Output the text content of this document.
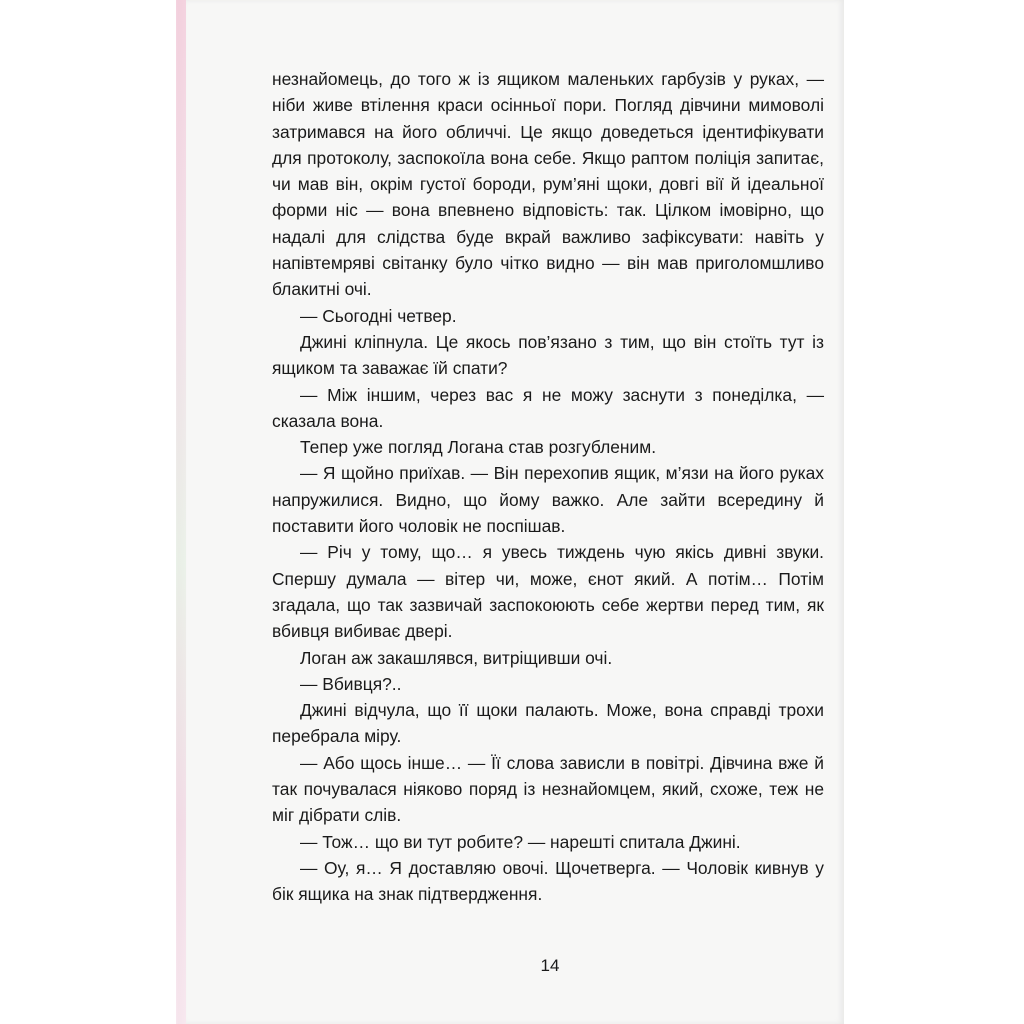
незнайомець, до того ж із ящиком маленьких гарбузів у руках, — ніби живе втілення краси осінньої пори. Погляд дівчини мимоволі затримався на його обличчі. Це якщо доведеться ідентифікувати для протоколу, заспокоїла вона себе. Якщо раптом поліція запитає, чи мав він, окрім густої бороди, рум’яні щоки, довгі вії й ідеальної форми ніс — вона впевнено відповість: так. Цілком імовірно, що надалі для слідства буде вкрай важливо зафіксувати: навіть у напівтемряві світанку було чітко видно — він мав приголомшливо блакитні очі.

— Сьогодні четвер.

Джині кліпнула. Це якось пов’язано з тим, що він стоїть тут із ящиком та заважає їй спати?

— Між іншим, через вас я не можу заснути з понеділка, — сказала вона.

Тепер уже погляд Логана став розгубленим.

— Я щойно приїхав. — Він перехопив ящик, м’язи на його руках напружилися. Видно, що йому важко. Але зайти всередину й поставити його чоловік не поспішав.

— Річ у тому, що… я увесь тиждень чую якісь дивні звуки. Спершу думала — вітер чи, може, єнот який. А потім… Потім згадала, що так зазвичай заспокоюють себе жертви перед тим, як вбивця вибиває двері.

Логан аж закашлявся, витріщивши очі.

— Вбивця?..

Джині відчула, що її щоки палають. Може, вона справді трохи перебрала міру.

— Або щось інше… — Її слова зависли в повітрі. Дівчина вже й так почувалася ніяково поряд із незнайомцем, який, схоже, теж не міг дібрати слів.

— Тож… що ви тут робите? — нарешті спитала Джині.

— Оу, я… Я доставляю овочі. Щочетверга. — Чоловік кивнув у бік ящика на знак підтвердження.

14
